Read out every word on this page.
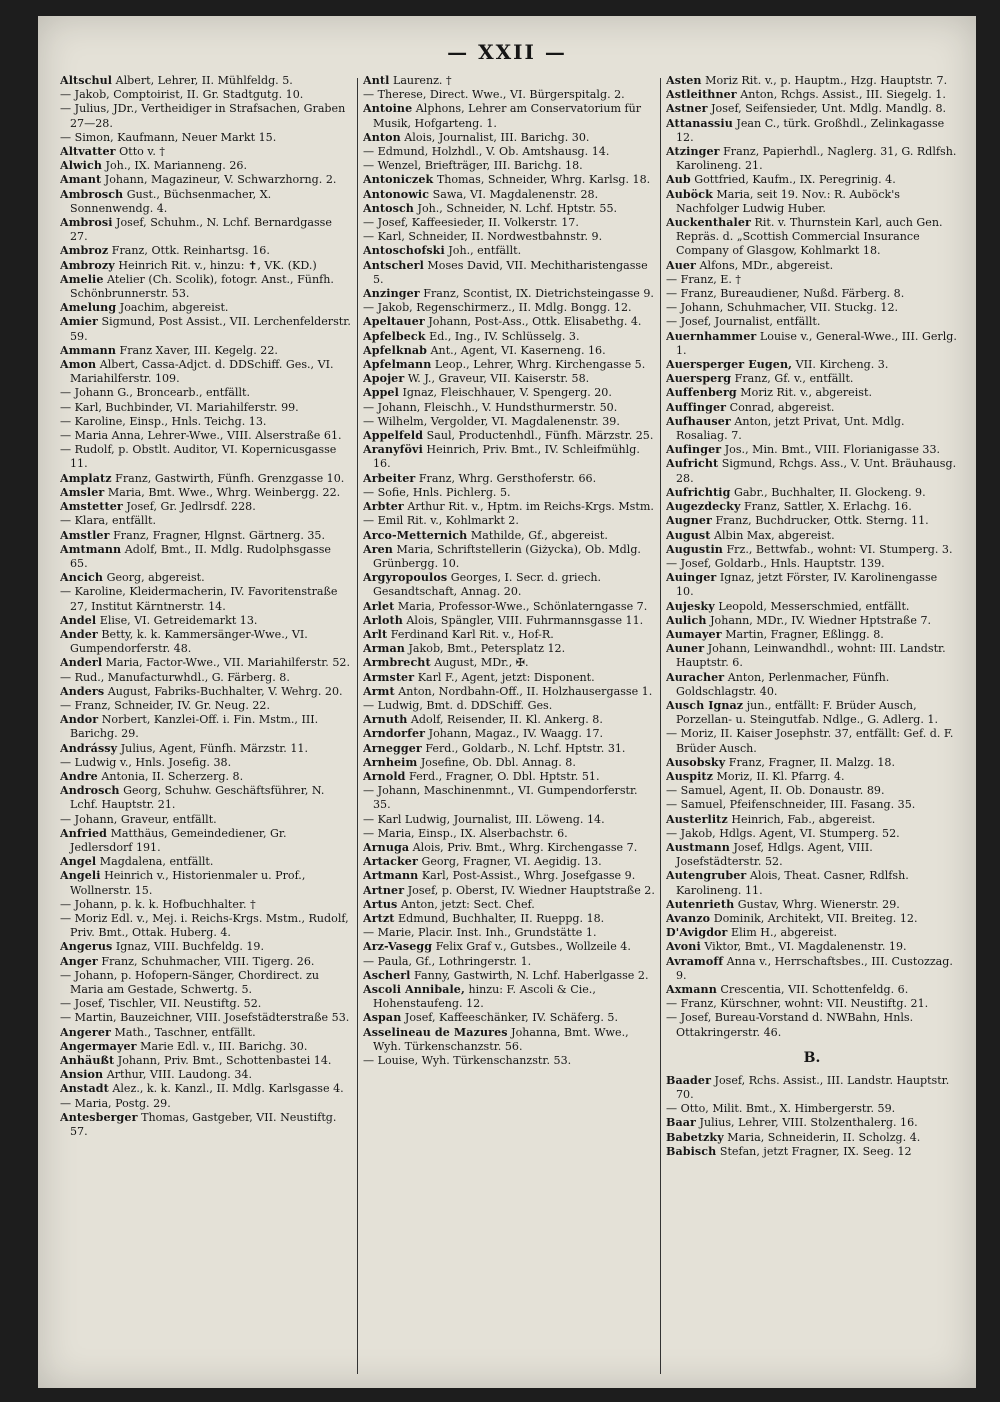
— XXII —

Altschul Albert, Lehrer, II. Mühlfeldg. 5.

— Jakob, Comptoirist, II. Gr. Stadtgutg. 10.

— Julius, JDr., Vertheidiger in Strafsachen, Graben 27—28.

— Simon, Kaufmann, Neuer Markt 15.

Altvatter Otto v. †

Alwich Joh., IX. Marianneng. 26.

Amant Johann, Magazineur, V. Schwarzhorng. 2.

Ambrosch Gust., Büchsenmacher, X. Sonnenwendg. 4.

Ambrosi Josef, Schuhm., N. Lchf. Bernardgasse 27.

Ambroz Franz, Ottk. Reinhartsg. 16.

Ambrozy Heinrich Rit. v., hinzu: ✝, VK. (KD.)

Amelie Atelier (Ch. Scolik), fotogr. Anst., Fünfh. Schönbrunnerstr. 53.

Amelung Joachim, abgereist.

Amier Sigmund, Post Assist., VII. Lerchenfelderstr. 59.

Ammann Franz Xaver, III. Kegelg. 22.

Amon Albert, Cassa-Adjct. d. DDSchiff. Ges., VI. Mariahilferstr. 109.

— Johann G., Broncearb., entfällt.

— Karl, Buchbinder, VI. Mariahilferstr. 99.

— Karoline, Einsp., Hnls. Teichg. 13.

— Maria Anna, Lehrer-Wwe., VIII. Alserstraße 61.

— Rudolf, p. Obstlt. Auditor, VI. Kopernicusgasse 11.

Amplatz Franz, Gastwirth, Fünfh. Grenzgasse 10.

Amsler Maria, Bmt. Wwe., Whrg. Weinbergg. 22.

Amstetter Josef, Gr. Jedlrsdf. 228.

— Klara, entfällt.

Amstler Franz, Fragner, Hlgnst. Gärtnerg. 35.

Amtmann Adolf, Bmt., II. Mdlg. Rudolphsgasse 65.

Ancich Georg, abgereist.

— Karoline, Kleidermacherin, IV. Favoritenstraße 27, Institut Kärntnerstr. 14.

Andel Elise, VI. Getreidemarkt 13.

Ander Betty, k. k. Kammersänger-Wwe., VI. Gumpendorferstr. 48.

Anderl Maria, Factor-Wwe., VII. Mariahilferstr. 52.

— Rud., Manufacturwhdl., G. Färberg. 8.

Anders August, Fabriks-Buchhalter, V. Wehrg. 20.

— Franz, Schneider, IV. Gr. Neug. 22.

Andor Norbert, Kanzlei-Off. i. Fin. Mstm., III. Barichg. 29.

Andrássy Julius, Agent, Fünfh. Märzstr. 11.

— Ludwig v., Hnls. Josefig. 38.

Andre Antonia, II. Scherzerg. 8.

Androsch Georg, Schuhw. Geschäftsführer, N. Lchf. Hauptstr. 21.

— Johann, Graveur, entfällt.

Anfried Matthäus, Gemeindediener, Gr. Jedlersdorf 191.

Angel Magdalena, entfällt.

Angeli Heinrich v., Historienmaler u. Prof., Wollnerstr. 15.

— Johann, p. k. k. Hofbuchhalter. †

— Moriz Edl. v., Mej. i. Reichs-Krgs. Mstm., Rudolf, Priv. Bmt., Ottak. Huberg. 4.

Angerus Ignaz, VIII. Buchfeldg. 19.

Anger Franz, Schuhmacher, VIII. Tigerg. 26.

— Johann, p. Hofopern-Sänger, Chordirect. zu Maria am Gestade, Schwertg. 5.

— Josef, Tischler, VII. Neustiftg. 52.

— Martin, Bauzeichner, VIII. Josefstädterstraße 53.

Angerer Math., Taschner, entfällt.

Angermayer Marie Edl. v., III. Barichg. 30.

Anhäußt Johann, Priv. Bmt., Schottenbastei 14.

Ansion Arthur, VIII. Laudong. 34.

Anstadt Alez., k. k. Kanzl., II. Mdlg. Karlsgasse 4.

— Maria, Postg. 29.

Antesberger Thomas, Gastgeber, VII. Neustiftg. 57.

Antl Laurenz. †

— Therese, Direct. Wwe., VI. Bürgerspitalg. 2.

Antoine Alphons, Lehrer am Conservatorium für Musik, Hofgarteng. 1.

Anton Alois, Journalist, III. Barichg. 30.

— Edmund, Holzhdl., V. Ob. Amtshausg. 14.

— Wenzel, Briefträger, III. Barichg. 18.

Antoniczek Thomas, Schneider, Whrg. Karlsg. 18.

Antonowic Sawa, VI. Magdalenenstr. 28.

Antosch Joh., Schneider, N. Lchf. Hptstr. 55.

— Josef, Kaffeesieder, II. Volkerstr. 17.

— Karl, Schneider, II. Nordwestbahnstr. 9.

Antoschofski Joh., entfällt.

Antscherl Moses David, VII. Mechitharistengasse 5.

Anzinger Franz, Scontist, IX. Dietrichsteingasse 9.

— Jakob, Regenschirmerz., II. Mdlg. Bongg. 12.

Apeltauer Johann, Post-Ass., Ottk. Elisabethg. 4.

Apfelbeck Ed., Ing., IV. Schlüsselg. 3.

Apfelknab Ant., Agent, VI. Kaserneng. 16.

Apfelmann Leop., Lehrer, Whrg. Kirchengasse 5.

Apojer W. J., Graveur, VII. Kaiserstr. 58.

Appel Ignaz, Fleischhauer, V. Spengerg. 20.

— Johann, Fleischh., V. Hundsthurmerstr. 50.

— Wilhelm, Vergolder, VI. Magdalenenstr. 39.

Appelfeld Saul, Productenhdl., Fünfh. Märzstr. 25.

Aranyfövi Heinrich, Priv. Bmt., IV. Schleifmühlg. 16.

Arbeiter Franz, Whrg. Gersthoferstr. 66.

— Sofie, Hnls. Pichlerg. 5.

Arbter Arthur Rit. v., Hptm. im Reichs-Krgs. Mstm.

— Emil Rit. v., Kohlmarkt 2.

Arco-Metternich Mathilde, Gf., abgereist.

Aren Maria, Schriftstellerin (Giżycka), Ob. Mdlg. Grünbergg. 10.

Argyropoulos Georges, I. Secr. d. griech. Gesandtschaft, Annag. 20.

Arlet Maria, Professor-Wwe., Schönlaterngasse 7.

Arloth Alois, Spängler, VIII. Fuhrmannsgasse 11.

Arlt Ferdinand Karl Rit. v., Hof-R.

Arman Jakob, Bmt., Petersplatz 12.

Armbrecht August, MDr., ✠.

Armster Karl F., Agent, jetzt: Disponent.

Armt Anton, Nordbahn-Off., II. Holzhausergasse 1.

— Ludwig, Bmt. d. DDSchiff. Ges.

Arnuth Adolf, Reisender, II. Kl. Ankerg. 8.

Arndorfer Johann, Magaz., IV. Waagg. 17.

Arnegger Ferd., Goldarb., N. Lchf. Hptstr. 31.

Arnheim Josefine, Ob. Dbl. Annag. 8.

Arnold Ferd., Fragner, O. Dbl. Hptstr. 51.

— Johann, Maschinenmnt., VI. Gumpendorferstr. 35.

— Karl Ludwig, Journalist, III. Löweng. 14.

— Maria, Einsp., IX. Alserbachstr. 6.

Arnuga Alois, Priv. Bmt., Whrg. Kirchengasse 7.

Artacker Georg, Fragner, VI. Aegidig. 13.

Artmann Karl, Post-Assist., Whrg. Josefgasse 9.

Artner Josef, p. Oberst, IV. Wiedner Hauptstraße 2.

Artus Anton, jetzt: Sect. Chef.

Artzt Edmund, Buchhalter, II. Rueppg. 18.

— Marie, Placir. Inst. Inh., Grundstätte 1.

Arz-Vasegg Felix Graf v., Gutsbes., Wollzeile 4.

— Paula, Gf., Lothringerstr. 1.

Ascherl Fanny, Gastwirth, N. Lchf. Haberlgasse 2.

Ascoli Annibale, hinzu: F. Ascoli & Cie., Hohenstaufeng. 12.

Aspan Josef, Kaffeeschänker, IV. Schäferg. 5.

Asselineau de Mazures Johanna, Bmt. Wwe., Wyh. Türkenschanzstr. 56.

— Louise, Wyh. Türkenschanzstr. 53.

Asten Moriz Rit. v., p. Hauptm., Hzg. Hauptstr. 7.

Astleithner Anton, Rchgs. Assist., III. Siegelg. 1.

Astner Josef, Seifensieder, Unt. Mdlg. Mandlg. 8.

Attanassiu Jean C., türk. Großhdl., Zelinkagasse 12.

Atzinger Franz, Papierhdl., Naglerg. 31, G. Rdlfsh. Karolineng. 21.

Aub Gottfried, Kaufm., IX. Peregrinig. 4.

Auböck Maria, seit 19. Nov.: R. Auböck's Nachfolger Ludwig Huber.

Auckenthaler Rit. v. Thurnstein Karl, auch Gen. Repräs. d. „Scottish Commercial Insurance Company of Glasgow, Kohlmarkt 18.

Auer Alfons, MDr., abgereist.

— Franz, E. †

— Franz, Bureaudiener, Nußd. Färberg. 8.

— Johann, Schuhmacher, VII. Stuckg. 12.

— Josef, Journalist, entfällt.

Auernhammer Louise v., General-Wwe., III. Gerlg. 1.

Auersperger Eugen, VII. Kircheng. 3.

Auersperg Franz, Gf. v., entfällt.

Auffenberg Moriz Rit. v., abgereist.

Auffinger Conrad, abgereist.

Aufhauser Anton, jetzt Privat, Unt. Mdlg. Rosaliag. 7.

Aufinger Jos., Min. Bmt., VIII. Florianigasse 33.

Aufricht Sigmund, Rchgs. Ass., V. Unt. Bräuhausg. 28.

Aufrichtig Gabr., Buchhalter, II. Glockeng. 9.

Augezdecky Franz, Sattler, X. Erlachg. 16.

Augner Franz, Buchdrucker, Ottk. Sterng. 11.

August Albin Max, abgereist.

Augustin Frz., Bettwfab., wohnt: VI. Stumperg. 3.

— Josef, Goldarb., Hnls. Hauptstr. 139.

Auinger Ignaz, jetzt Förster, IV. Karolinengasse 10.

Aujesky Leopold, Messerschmied, entfällt.

Aulich Johann, MDr., IV. Wiedner Hptstraße 7.

Aumayer Martin, Fragner, Eßlingg. 8.

Auner Johann, Leinwandhdl., wohnt: III. Landstr. Hauptstr. 6.

Auracher Anton, Perlenmacher, Fünfh. Goldschlagstr. 40.

Ausch Ignaz jun., entfällt: F. Brüder Ausch, Porzellan- u. Steingutfab. Ndlge., G. Adlerg. 1.

— Moriz, II. Kaiser Josephstr. 37, entfällt: Gef. d. F. Brüder Ausch.

Ausobsky Franz, Fragner, II. Malzg. 18.

Auspitz Moriz, II. Kl. Pfarrg. 4.

— Samuel, Agent, II. Ob. Donaustr. 89.

— Samuel, Pfeifenschneider, III. Fasang. 35.

Austerlitz Heinrich, Fab., abgereist.

— Jakob, Hdlgs. Agent, VI. Stumperg. 52.

Austmann Josef, Hdlgs. Agent, VIII. Josefstädterstr. 52.

Autengruber Alois, Theat. Casner, Rdlfsh. Karolineng. 11.

Autenrieth Gustav, Whrg. Wienerstr. 29.

Avanzo Dominik, Architekt, VII. Breiteg. 12.

D'Avigdor Elim H., abgereist.

Avoni Viktor, Bmt., VI. Magdalenenstr. 19.

Avramoff Anna v., Herrschaftsbes., III. Custozzag. 9.

Axmann Crescentia, VII. Schottenfeldg. 6.

— Franz, Kürschner, wohnt: VII. Neustiftg. 21.

— Josef, Bureau-Vorstand d. NWBahn, Hnls. Ottakringerstr. 46.

B.

Baader Josef, Rchs. Assist., III. Landstr. Hauptstr. 70.

— Otto, Milit. Bmt., X. Himbergerstr. 59.

Baar Julius, Lehrer, VIII. Stolzenthalerg. 16.

Babetzky Maria, Schneiderin, II. Scholzg. 4.

Babisch Stefan, jetzt Fragner, IX. Seeg. 12
